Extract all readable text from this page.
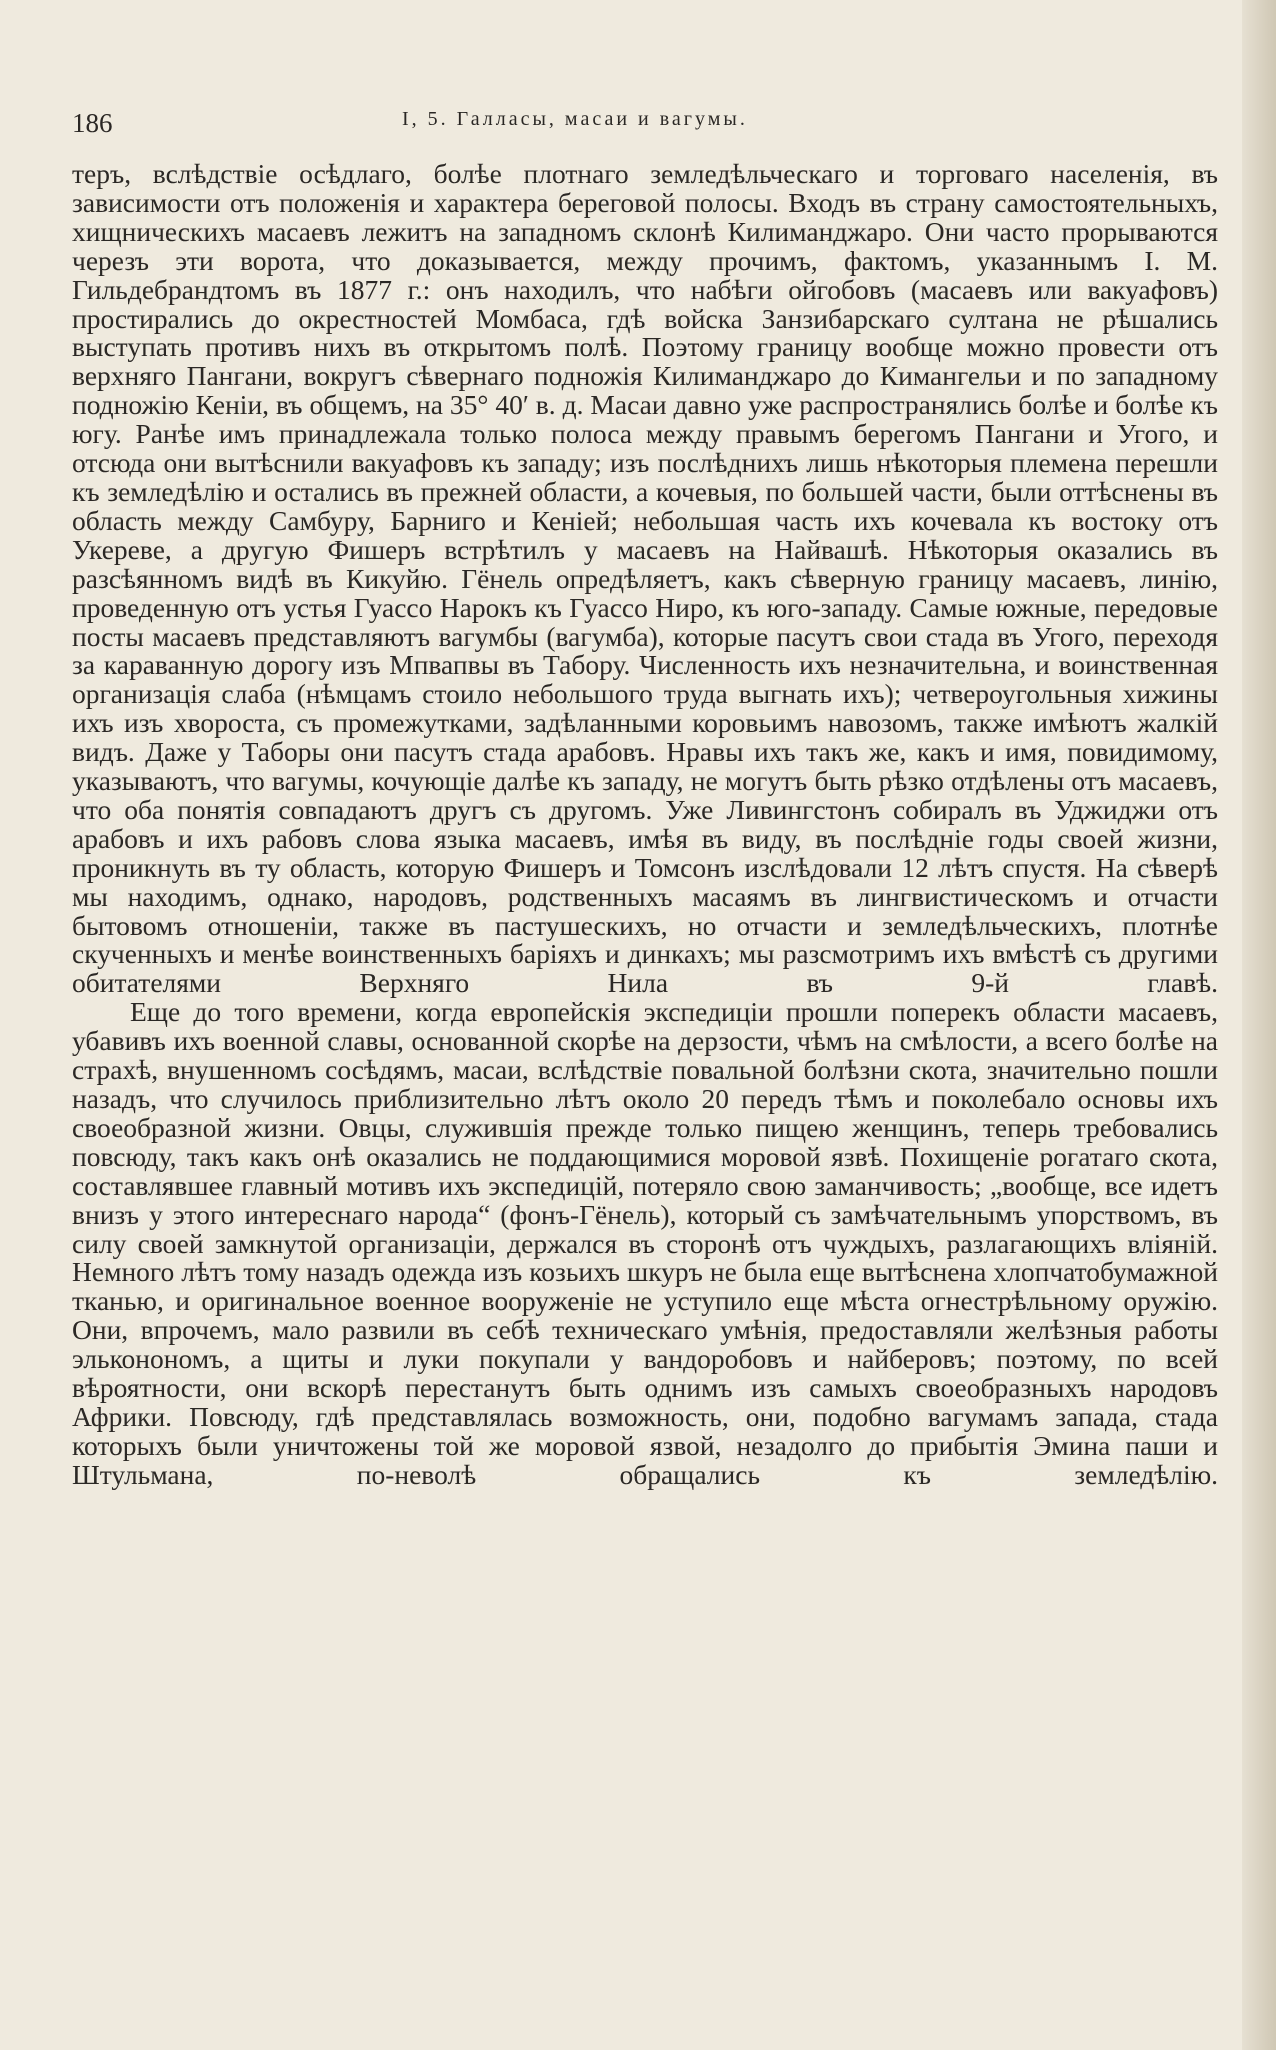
186	I, 5. Галласы, масаи и вагумы.

теръ, вслѣдствіе осѣдлаго, болѣе плотнаго земледѣльческаго и торговаго населенія, въ зависимости отъ положенія и характера береговой полосы. Входъ въ страну самостоятельныхъ, хищническихъ масаевъ лежитъ на западномъ склонѣ Килиманджаро. Они часто прорываются черезъ эти ворота, что доказывается, между прочимъ, фактомъ, указаннымъ I. М. Гильдебрандтомъ въ 1877 г.: онъ находилъ, что набѣги ойгобовъ (масаевъ или вакуафовъ) простирались до окрестностей Момбаса, гдѣ войска Занзибарскаго султана не рѣшались выступать противъ нихъ въ открытомъ полѣ. Поэтому границу вообще можно провести отъ верхняго Пангани, вокругъ сѣвернаго подножія Килиманджаро до Кимангельи и по западному подножію Кеніи, въ общемъ, на 35° 40′ в. д. Масаи давно уже распространялись болѣе и болѣе къ югу. Ранѣе имъ принадлежала только полоса между правымъ берегомъ Пангани и Угого, и отсюда они вытѣснили вакуафовъ къ западу; изъ послѣднихъ лишь нѣкоторыя племена перешли къ земледѣлію и остались въ прежней области, а кочевыя, по большей части, были оттѣснены въ область между Самбуру, Барниго и Кеніей; небольшая часть ихъ кочевала къ востоку отъ Укереве, а другую Фишеръ встрѣтилъ у масаевъ на Найвашѣ. Нѣкоторыя оказались въ разсѣянномъ видѣ въ Кикуйю. Гёнель опредѣляетъ, какъ сѣверную границу масаевъ, линію, проведенную отъ устья Гуассо Нарокъ къ Гуассо Ниро, къ юго-западу. Самые южные, передовые посты масаевъ представляютъ вагумбы (вагумба), которые пасутъ свои стада въ Угого, переходя за караванную дорогу изъ Мпвапвы въ Табору. Численность ихъ незначительна, и воинственная организація слаба (нѣмцамъ стоило небольшого труда выгнать ихъ); четвероугольныя хижины ихъ изъ хвороста, съ промежутками, задѣланными коровьимъ навозомъ, также имѣютъ жалкій видъ. Даже у Таборы они пасутъ стада арабовъ. Нравы ихъ такъ же, какъ и имя, повидимому, указываютъ, что вагумы, кочующіе далѣе къ западу, не могутъ быть рѣзко отдѣлены отъ масаевъ, что оба понятія совпадаютъ другъ съ другомъ. Уже Ливингстонъ собиралъ въ Уджиджи отъ арабовъ и ихъ рабовъ слова языка масаевъ, имѣя въ виду, въ послѣдніе годы своей жизни, проникнуть въ ту область, которую Фишеръ и Томсонъ изслѣдовали 12 лѣтъ спустя. На сѣверѣ мы находимъ, однако, народовъ, родственныхъ масаямъ въ лингвистическомъ и отчасти бытовомъ отношеніи, также въ пастушескихъ, но отчасти и земледѣльческихъ, плотнѣе скученныхъ и менѣе воинственныхъ баріяхъ и динкахъ; мы разсмотримъ ихъ вмѣстѣ съ другими обитателями Верхняго Нила въ 9-й главѣ.

Еще до того времени, когда европейскія экспедиціи прошли поперекъ области масаевъ, убавивъ ихъ военной славы, основанной скорѣе на дерзости, чѣмъ на смѣлости, а всего болѣе на страхѣ, внушенномъ сосѣдямъ, масаи, вслѣдствіе повальной болѣзни скота, значительно пошли назадъ, что случилось приблизительно лѣтъ около 20 передъ тѣмъ и поколебало основы ихъ своеобразной жизни. Овцы, служившія прежде только пищею женщинъ, теперь требовались повсюду, такъ какъ онѣ оказались не поддающимися моровой язвѣ. Похищеніе рогатаго скота, составлявшее главный мотивъ ихъ экспедицій, потеряло свою заманчивость; „вообще, все идетъ внизъ у этого интереснаго народа“ (фонъ-Гёнель), который съ замѣчательнымъ упорствомъ, въ силу своей замкнутой организаціи, держался въ сторонѣ отъ чуждыхъ, разлагающихъ вліяній. Немного лѣтъ тому назадъ одежда изъ козьихъ шкуръ не была еще вытѣснена хлопчатобумажной тканью, и оригинальное военное вооруженіе не уступило еще мѣста огнестрѣльному оружію. Они, впрочемъ, мало развили въ себѣ техническаго умѣнія, предоставляли желѣзныя работы эльконономъ, а щиты и луки покупали у вандоробовъ и найберовъ; поэтому, по всей вѣроятности, они вскорѣ перестанутъ быть однимъ изъ самыхъ своеобразныхъ народовъ Африки. Повсюду, гдѣ представлялась возможность, они, подобно вагумамъ запада, стада которыхъ были уничтожены той же моровой язвой, незадолго до прибытія Эмина паши и Штульмана, по-неволѣ обращались къ земледѣлію.
